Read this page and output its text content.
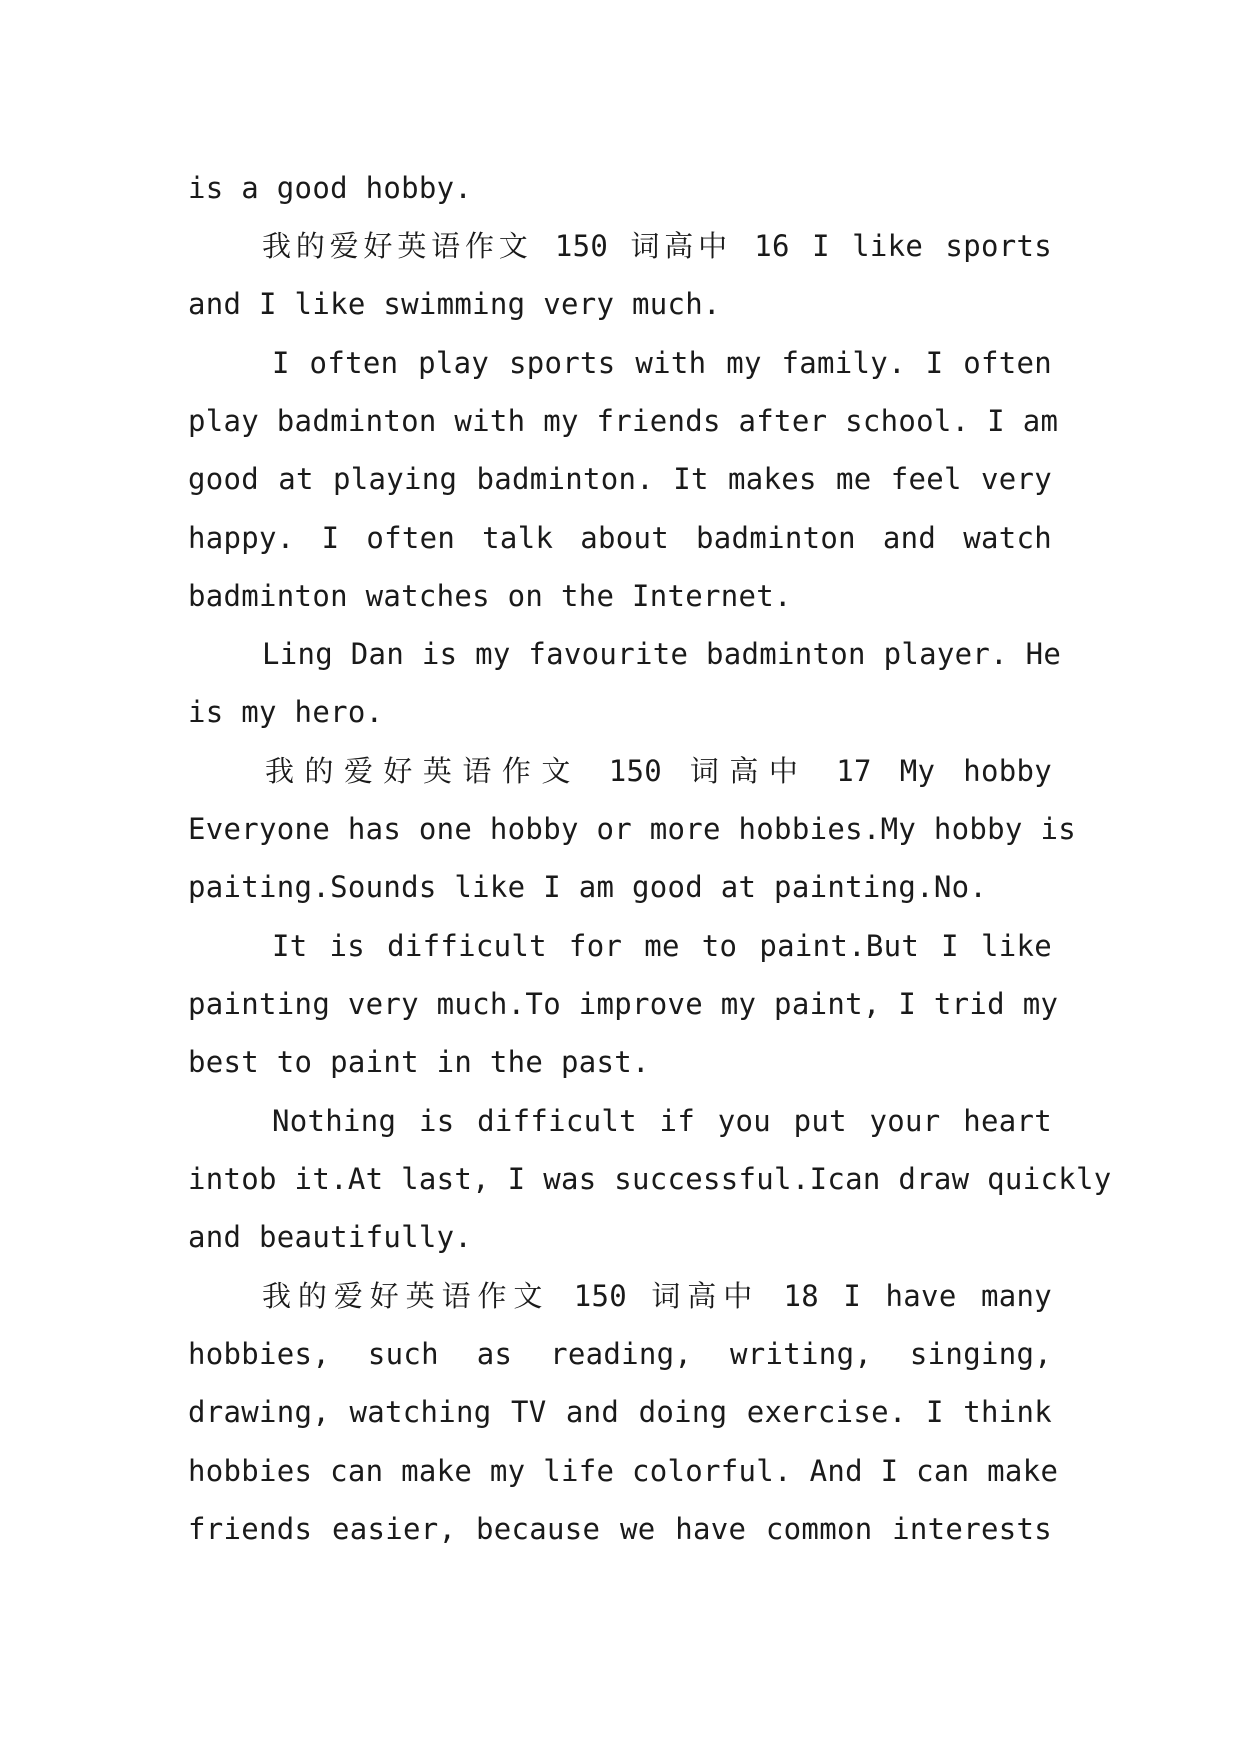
is a good hobby.
我的爱好英语作文 150 词高中 16 I like sports
and I like swimming very much.
I often play sports with my family. I often
play badminton with my friends after school. I am
good at playing badminton. It makes me feel very
happy. I often talk about badminton and watch
badminton watches on the Internet.
Ling Dan is my favourite badminton player. He
is my hero.
我的爱好英语作文 150 词高中 17 My hobby
Everyone has one hobby or more hobbies.My hobby is
paiting.Sounds like I am good at painting.No.
It is difficult for me to paint.But I like
painting very much.To improve my paint, I trid my
best to paint in the past.
Nothing is difficult if you put your heart
intob it.At last, I was successful.Ican draw quickly
and beautifully.
我的爱好英语作文 150 词高中 18 I have many
hobbies, such as reading, writing, singing,
drawing, watching TV and doing exercise. I think
hobbies can make my life colorful. And I can make
friends easier, because we have common interests
